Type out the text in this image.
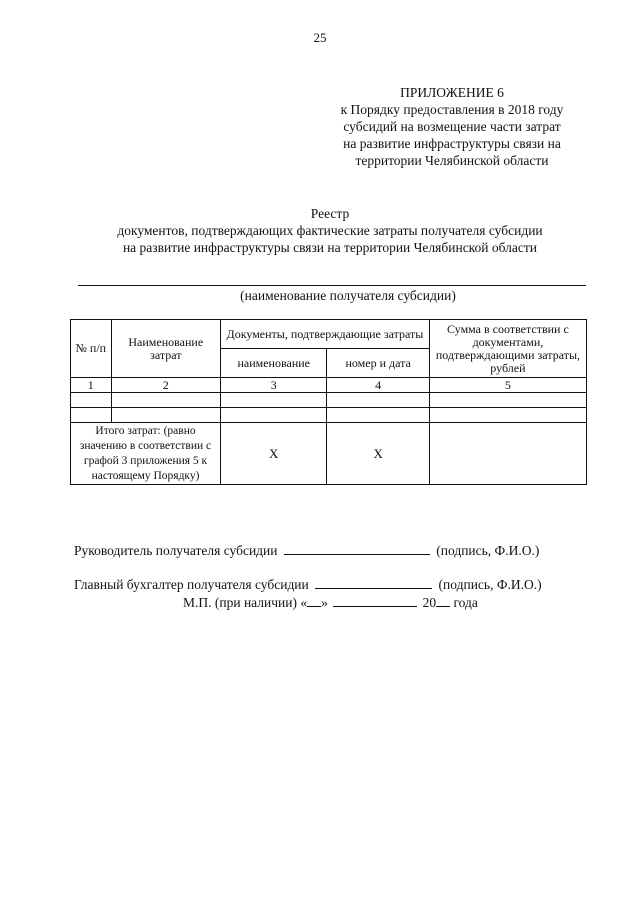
25
ПРИЛОЖЕНИЕ 6
к Порядку предоставления в 2018 году
субсидий на возмещение части затрат
на развитие инфраструктуры связи на
территории Челябинской области
Реестр
документов, подтверждающих фактические затраты получателя субсидии
на развитие инфраструктуры связи на территории Челябинской области
(наименование получателя субсидии)
№ п/п	Наименование затрат	Документы, подтверждающие затраты		Сумма в соответствии с документами, подтверждающими затраты, рублей
		наименование	номер и дата	
1	2	3	4	5

Итого затрат: (равно значению в соответствии с графой 3 приложения 5 к настоящему Порядку)		X	X	
Руководитель получателя субсидии	(подпись, Ф.И.О.)
Главный бухгалтер получателя субсидии	(подпись, Ф.И.О.)
М.П. (при наличии) « »	20 года
